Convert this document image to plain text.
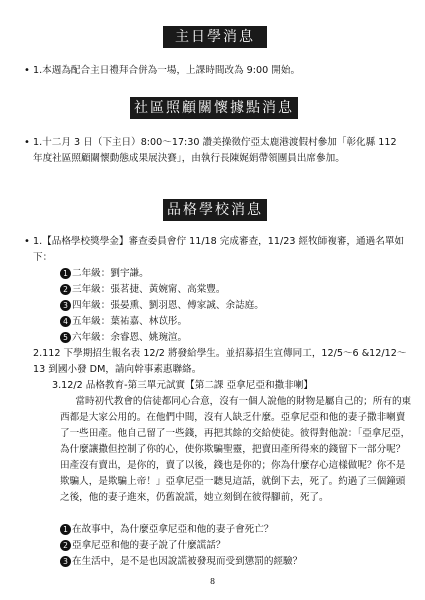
主日學消息
• 1.本週為配合主日禮拜合併為一場，上課時間改為 9:00 開始。
社區照顧關懷據點消息
• 1.十二月 3 日（下主日）8:00～17:30 讚美操徵佇亞太鹿港渡假村參加「彰化縣 112 年度社區照顧關懷動態成果展決賽」，由執行長陳娓娟帶領團員出席參加。
品格學校消息
• 1.【品格學校獎學金】審查委員會佇 11/18 完成審查，11/23 經牧師複審，通過名單如下：
1 二年級：劉宇謙。
2 三年級：張茗捷、黃婉甯、高棠豐。
3 四年級：張晏熏、劉羽恩、傅家誠、余誌庭。
4 五年級：葉祐嘉、林苡彤。
5 六年級：余睿恩、姚琬渲。
2.112 下學期招生報名表 12/2 將發給學生。並招募招生宣傳同工，12/5～6 &12/12～13 到國小發 DM，請向幹事素惠聯絡。
3.12/2 品格教育-第三單元試實【第二課 亞拿尼亞和撒非喇】
當時初代教會的信徒都同心合意，沒有一個人說他的財物是屬自己的；所有的東西都是大家公用的。在他們中間，沒有人缺乏什麼。亞拿尼亞和他的妻子撒非喇賣了一些田產。他自己留了一些錢，再把其餘的交給使徒。彼得對他說：「亞拿尼亞，為什麼讓撒但控制了你的心，使你欺騙聖靈，把賣田產所得來的錢留下一部分呢？田產沒有賣出，是你的，賣了以後，錢也是你的；你為什麼存心這樣做呢？你不是欺騙人，是欺騙上帝！」亞拿尼亞一聽見這話，就倒下去，死了。約過了三個鐘頭之後，他的妻子進來，仍舊說謊，她立刻倒在彼得腳前，死了。
1 在故事中，為什麼亞拿尼亞和他的妻子會死亡？
2 亞拿尼亞和他的妻子說了什麼謊話？
3 在生活中，是不是也因說謊被發現而受到懲罰的經驗？
8
